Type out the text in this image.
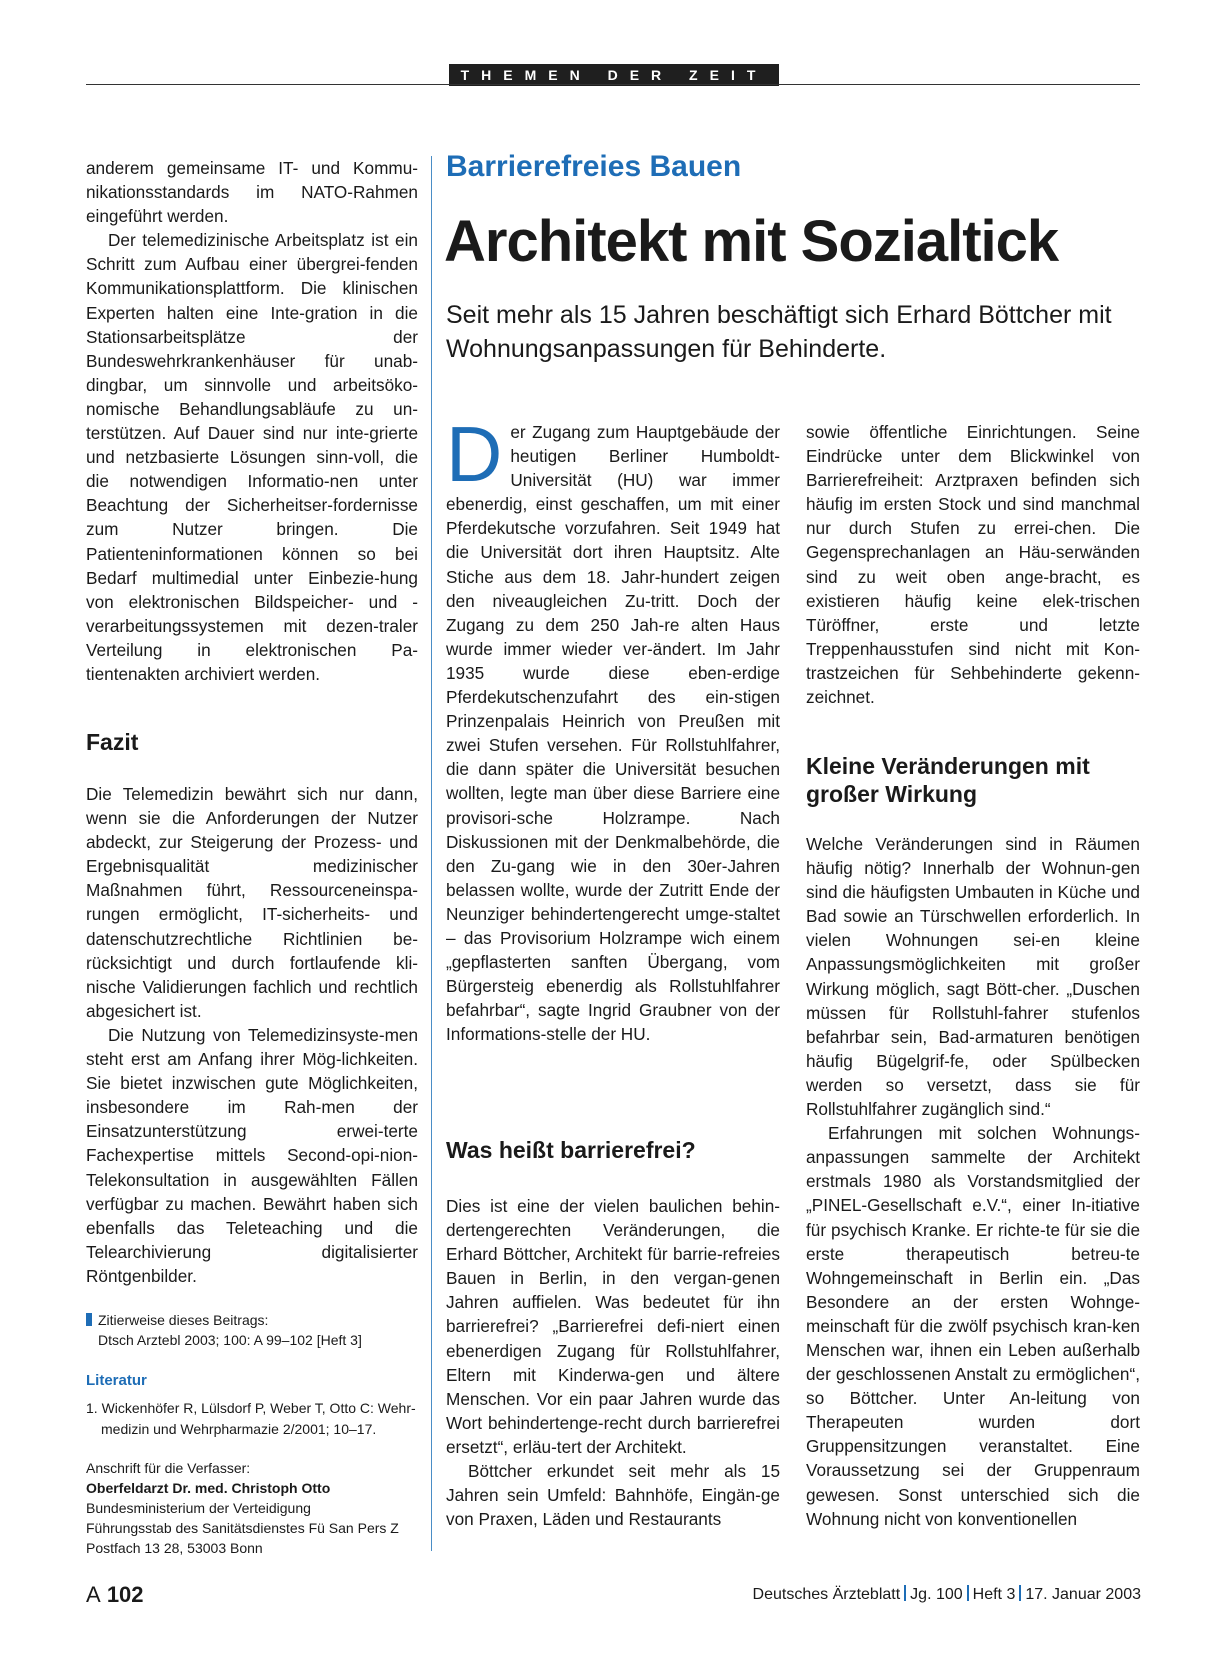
THEMEN DER ZEIT

anderem gemeinsame IT- und Kommu-nikationsstandards im NATO-Rahmen eingeführt werden.

Der telemedizinische Arbeitsplatz ist ein Schritt zum Aufbau einer übergrei-fenden Kommunikationsplattform. Die klinischen Experten halten eine Inte-gration in die Stationsarbeitsplätze der Bundeswehrkrankenhäuser für unab-dingbar, um sinnvolle und arbeitsöko-nomische Behandlungsabläufe zu un-terstützen. Auf Dauer sind nur inte-grierte und netzbasierte Lösungen sinn-voll, die die notwendigen Informatio-nen unter Beachtung der Sicherheitser-fordernisse zum Nutzer bringen. Die Patienteninformationen können so bei Bedarf multimedial unter Einbezie-hung von elektronischen Bildspeicher- und -verarbeitungssystemen mit dezen-traler Verteilung in elektronischen Pa-tientenakten archiviert werden.

Fazit

Die Telemedizin bewährt sich nur dann, wenn sie die Anforderungen der Nutzer abdeckt, zur Steigerung der Prozess- und Ergebnisqualität medizinischer Maßnahmen führt, Ressourceneinspa-rungen ermöglicht, IT-sicherheits- und datenschutzrechtliche Richtlinien be-rücksichtigt und durch fortlaufende kli-nische Validierungen fachlich und rechtlich abgesichert ist.

Die Nutzung von Telemedizinsyste-men steht erst am Anfang ihrer Mög-lichkeiten. Sie bietet inzwischen gute Möglichkeiten, insbesondere im Rah-men der Einsatzunterstützung erwei-terte Fachexpertise mittels Second-opi-nion-Telekonsultation in ausgewählten Fällen verfügbar zu machen. Bewährt haben sich ebenfalls das Teleteaching und die Telearchivierung digitalisierter Röntgenbilder.

Zitierweise dieses Beitrags:
Dtsch Arztebl 2003; 100: A 99–102 [Heft 3]
Literatur
1. Wickenhöfer R, Lülsdorf P, Weber T, Otto C: Wehr-
medizin und Wehrpharmazie 2/2001; 10–17.
Anschrift für die Verfasser:
Oberfeldarzt Dr. med. Christoph Otto
Bundesministerium der Verteidigung
Führungsstab des Sanitätsdienstes Fü San Pers Z
Postfach 13 28, 53003 Bonn
Barrierefreies Bauen
Architekt mit Sozialtick
Seit mehr als 15 Jahren beschäftigt sich Erhard Böttcher mit Wohnungsanpassungen für Behinderte.

Der Zugang zum Hauptgebäude der heutigen Berliner Humboldt-Universität (HU) war immer ebenerdig, einst geschaffen, um mit einer Pferdekutsche vorzufahren. Seit 1949 hat die Universität dort ihren Hauptsitz. Alte Stiche aus dem 18. Jahr-hundert zeigen den niveaugleichen Zu-tritt. Doch der Zugang zu dem 250 Jah-re alten Haus wurde immer wieder ver-ändert. Im Jahr 1935 wurde diese eben-erdige Pferdekutschenzufahrt des ein-stigen Prinzenpalais Heinrich von Preußen mit zwei Stufen versehen. Für Rollstuhlfahrer, die dann später die Universität besuchen wollten, legte man über diese Barriere eine provisori-sche Holzrampe. Nach Diskussionen mit der Denkmalbehörde, die den Zu-gang wie in den 30er-Jahren belassen wollte, wurde der Zutritt Ende der Neunziger behindertengerecht umge-staltet – das Provisorium Holzrampe wich einem „gepflasterten sanften Übergang, vom Bürgersteig ebenerdig als Rollstuhlfahrer befahrbar“, sagte Ingrid Graubner von der Informations-stelle der HU.

Was heißt barrierefrei?

Dies ist eine der vielen baulichen behin-dertengerechten Veränderungen, die Erhard Böttcher, Architekt für barrie-refreies Bauen in Berlin, in den vergan-genen Jahren auffielen. Was bedeutet für ihn barrierefrei? „Barrierefrei defi-niert einen ebenerdigen Zugang für Rollstuhlfahrer, Eltern mit Kinderwa-gen und ältere Menschen. Vor ein paar Jahren wurde das Wort behindertenge-recht durch barrierefrei ersetzt“, erläu-tert der Architekt.

Böttcher erkundet seit mehr als 15 Jahren sein Umfeld: Bahnhöfe, Eingän-ge von Praxen, Läden und Restaurants

sowie öffentliche Einrichtungen. Seine Eindrücke unter dem Blickwinkel von Barrierefreiheit: Arztpraxen befinden sich häufig im ersten Stock und sind manchmal nur durch Stufen zu errei-chen. Die Gegensprechanlagen an Häu-serwänden sind zu weit oben ange-bracht, es existieren häufig keine elek-trischen Türöffner, erste und letzte Treppenhausstufen sind nicht mit Kon-trastzeichen für Sehbehinderte gekenn-zeichnet.

Kleine Veränderungen mit großer Wirkung

Welche Veränderungen sind in Räumen häufig nötig? Innerhalb der Wohnun-gen sind die häufigsten Umbauten in Küche und Bad sowie an Türschwellen erforderlich. In vielen Wohnungen sei-en kleine Anpassungsmöglichkeiten mit großer Wirkung möglich, sagt Bött-cher. „Duschen müssen für Rollstuhl-fahrer stufenlos befahrbar sein, Bad-armaturen benötigen häufig Bügelgrif-fe, oder Spülbecken werden so versetzt, dass sie für Rollstuhlfahrer zugänglich sind.“

Erfahrungen mit solchen Wohnungs-anpassungen sammelte der Architekt erstmals 1980 als Vorstandsmitglied der „PINEL-Gesellschaft e.V.“, einer In-itiative für psychisch Kranke. Er richte-te für sie die erste therapeutisch betreu-te Wohngemeinschaft in Berlin ein. „Das Besondere an der ersten Wohnge-meinschaft für die zwölf psychisch kran-ken Menschen war, ihnen ein Leben außerhalb der geschlossenen Anstalt zu ermöglichen“, so Böttcher. Unter An-leitung von Therapeuten wurden dort Gruppensitzungen veranstaltet. Eine Voraussetzung sei der Gruppenraum gewesen. Sonst unterschied sich die Wohnung nicht von konventionellen

A 102	Deutsches Ärzteblatt Jg. 100 Heft 3 17. Januar 2003
